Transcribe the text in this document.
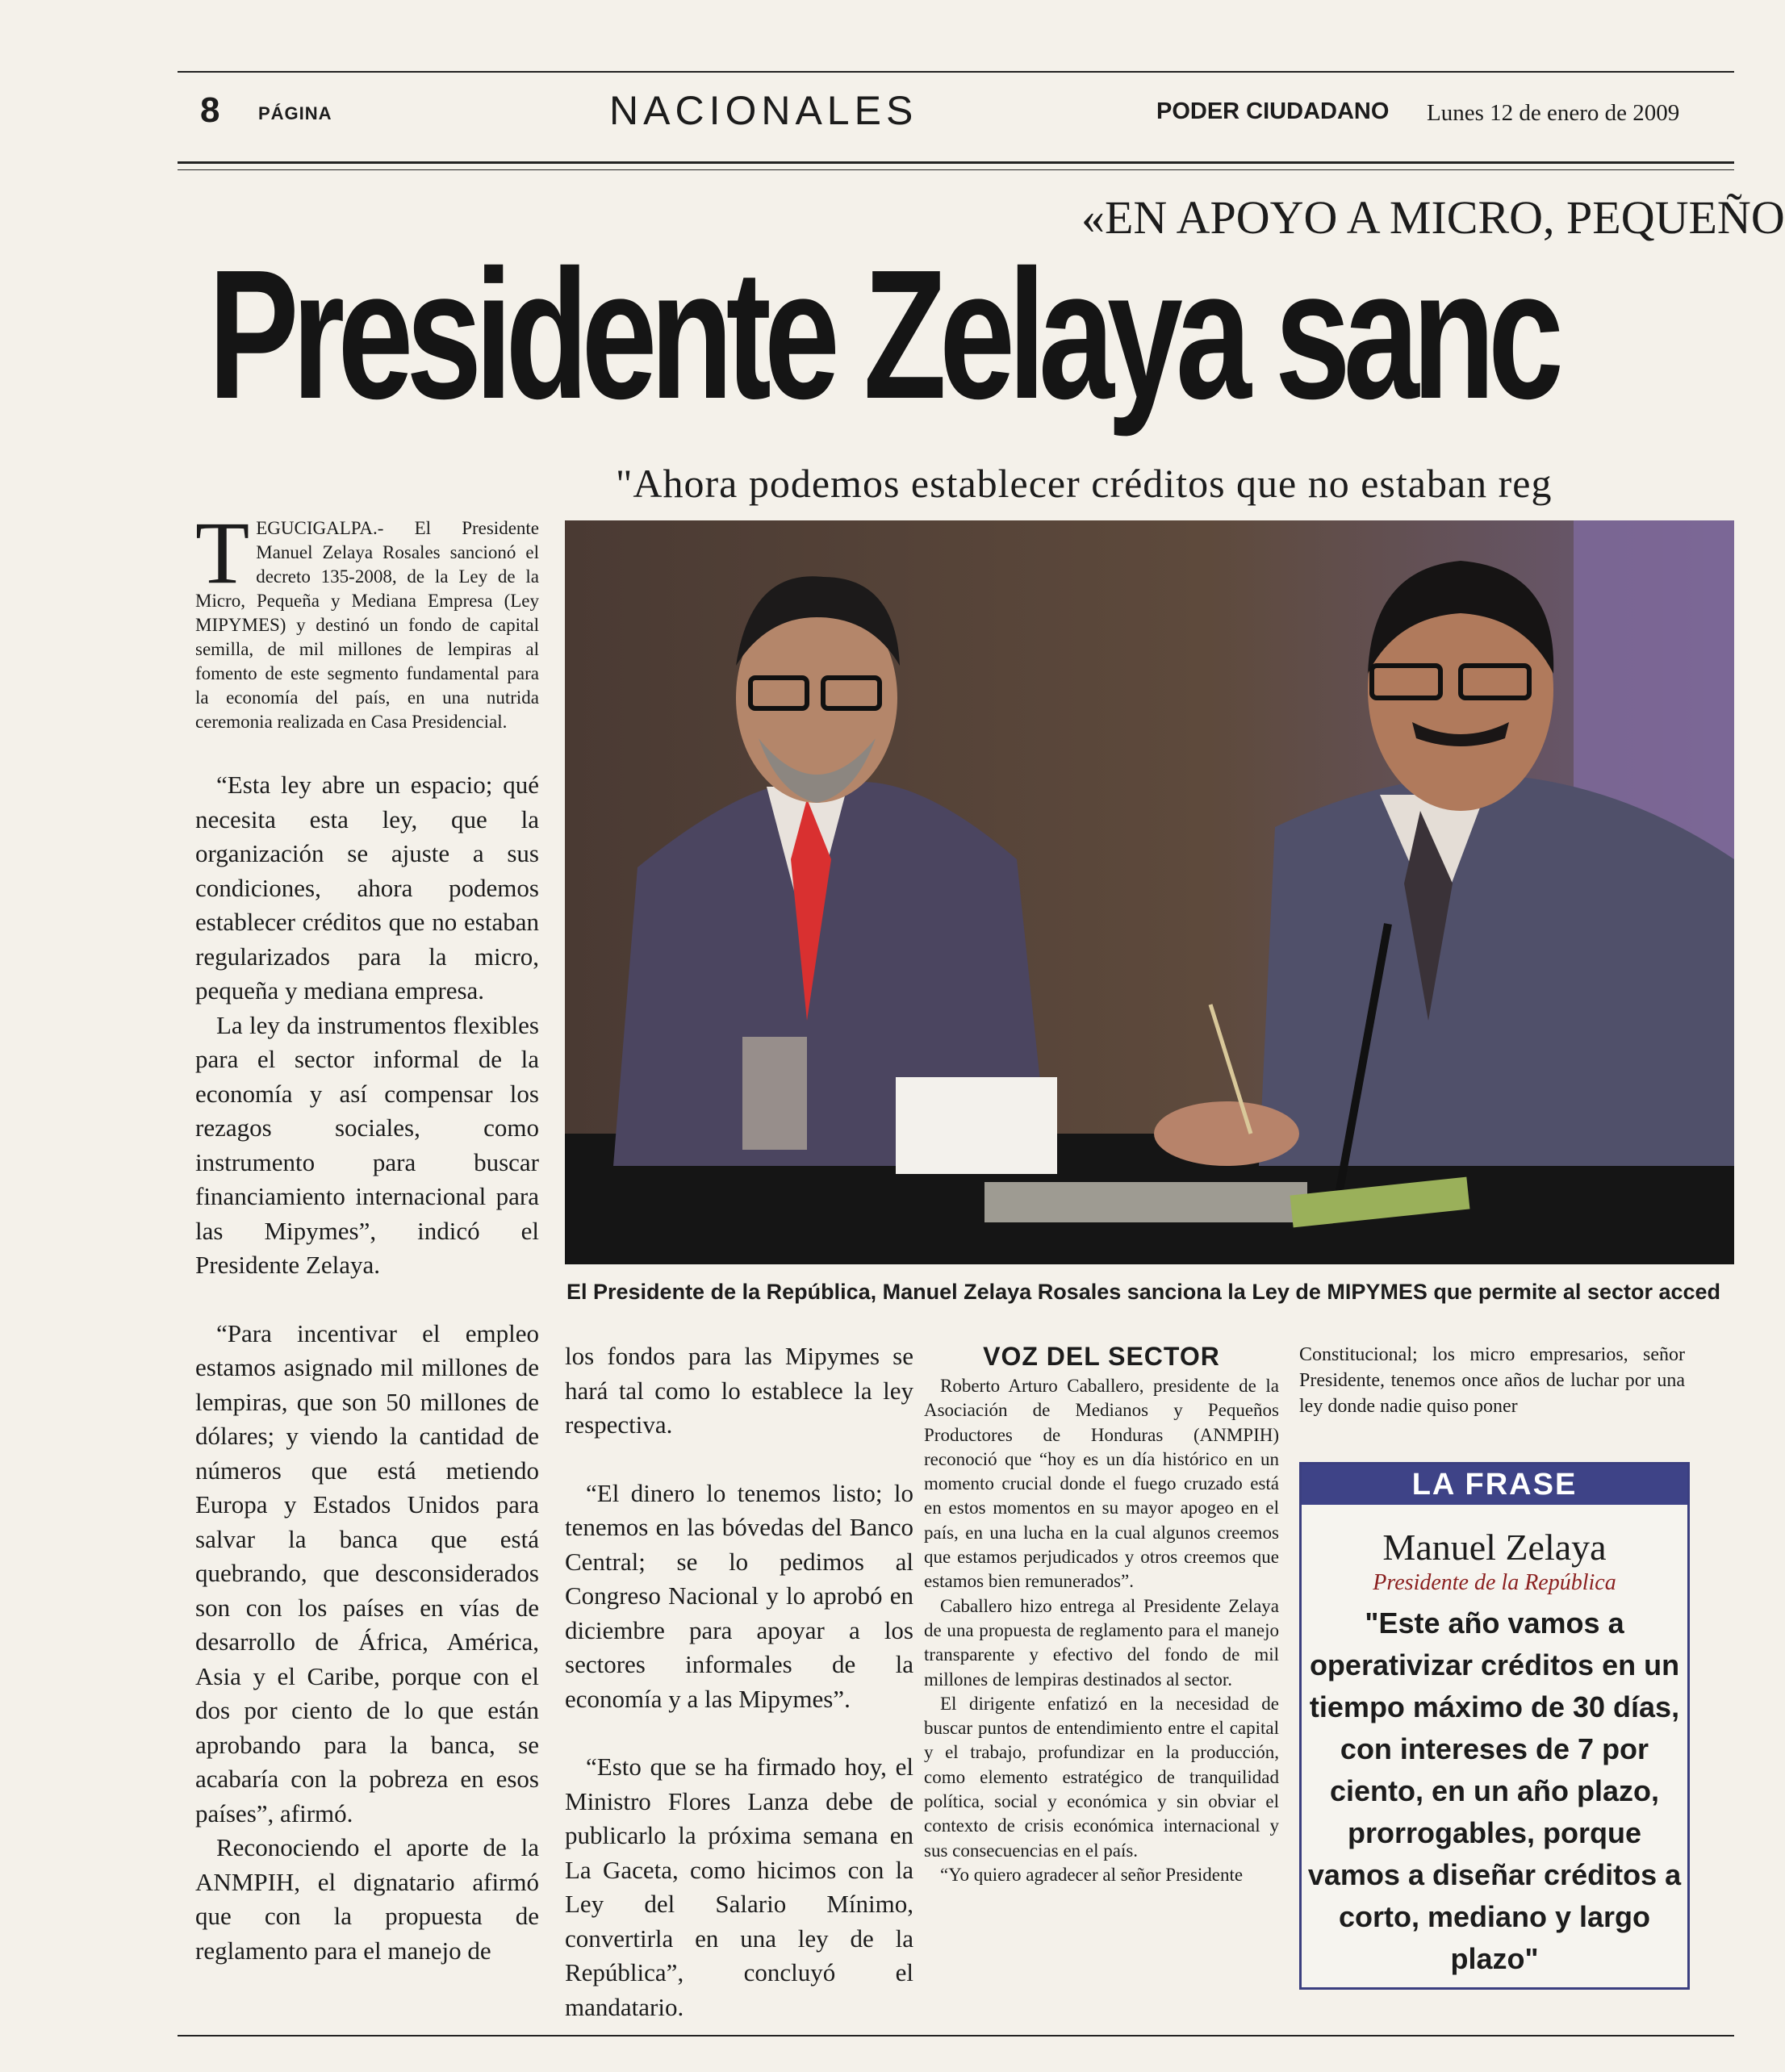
8 PÁGINA	NACIONALES	PODER CIUDADANO Lunes 12 de enero de 2009
«EN APOYO A MICRO, PEQUEÑO
Presidente Zelaya sanc
"Ahora podemos establecer créditos que no estaban reg
El Presidente de la República, Manuel Zelaya Rosales sanciona la Ley de MIPYMES que permite al sector acced

TEGUCIGALPA.- El Presidente Manuel Zelaya Rosales sancionó el decreto 135-2008, de la Ley de la Micro, Pequeña y Mediana Empresa (Ley MIPYMES) y destinó un fondo de capital semilla, de mil millones de lempiras al fomento de este segmento fundamental para la economía del país, en una nutrida ceremonia realizada en Casa Presidencial.

“Esta ley abre un espacio; qué necesita esta ley, que la organización se ajuste a sus condiciones, ahora podemos establecer créditos que no estaban regularizados para la micro, pequeña y mediana empresa.

La ley da instrumentos flexibles para el sector informal de la economía y así compensar los rezagos sociales, como instrumento para buscar financiamiento internacional para las Mipymes”, indicó el Presidente Zelaya.

“Para incentivar el empleo estamos asignado mil millones de lempiras, que son 50 millones de dólares; y viendo la cantidad de números que está metiendo Europa y Estados Unidos para salvar la banca que está quebrando, que desconsiderados son con los países en vías de desarrollo de África, América, Asia y el Caribe, porque con el dos por ciento de lo que están aprobando para la banca, se acabaría con la pobreza en esos países”, afirmó.

Reconociendo el aporte de la ANMPIH, el dignatario afirmó que con la propuesta de reglamento para el manejo de

los fondos para las Mipymes se hará tal como lo establece la ley respectiva.

“El dinero lo tenemos listo; lo tenemos en las bóvedas del Banco Central; se lo pedimos al Congreso Nacional y lo aprobó en diciembre para apoyar a los sectores informales de la economía y a las Mipymes”.

“Esto que se ha firmado hoy, el Ministro Flores Lanza debe de publicarlo la próxima semana en La Gaceta, como hicimos con la Ley del Salario Mínimo, convertirla en una ley de la República”, concluyó el mandatario.

VOZ DEL SECTOR

Roberto Arturo Caballero, presidente de la Asociación de Medianos y Pequeños Productores de Honduras (ANMPIH) reconoció que “hoy es un día histórico en un momento crucial donde el fuego cruzado está en estos momentos en su mayor apogeo en el país, en una lucha en la cual algunos creemos que estamos perjudicados y otros creemos que estamos bien remunerados”.

Caballero hizo entrega al Presidente Zelaya de una propuesta de reglamento para el manejo transparente y efectivo del fondo de mil millones de lempiras destinados al sector.

El dirigente enfatizó en la necesidad de buscar puntos de entendimiento entre el capital y el trabajo, profundizar en la producción, como elemento estratégico de tranquilidad política, social y económica y sin obviar el contexto de crisis económica internacional y sus consecuencias en el país.

“Yo quiero agradecer al señor Presidente

Constitucional; los micro empresarios, señor Presidente, tenemos once años de luchar por una ley donde nadie quiso poner

LA FRASE
Manuel Zelaya
Presidente de la República
"Este año vamos a operativizar créditos en un tiempo máximo de 30 días, con intereses de 7 por ciento, en un año plazo, prorrogables, porque vamos a diseñar créditos a corto, mediano y largo plazo"
